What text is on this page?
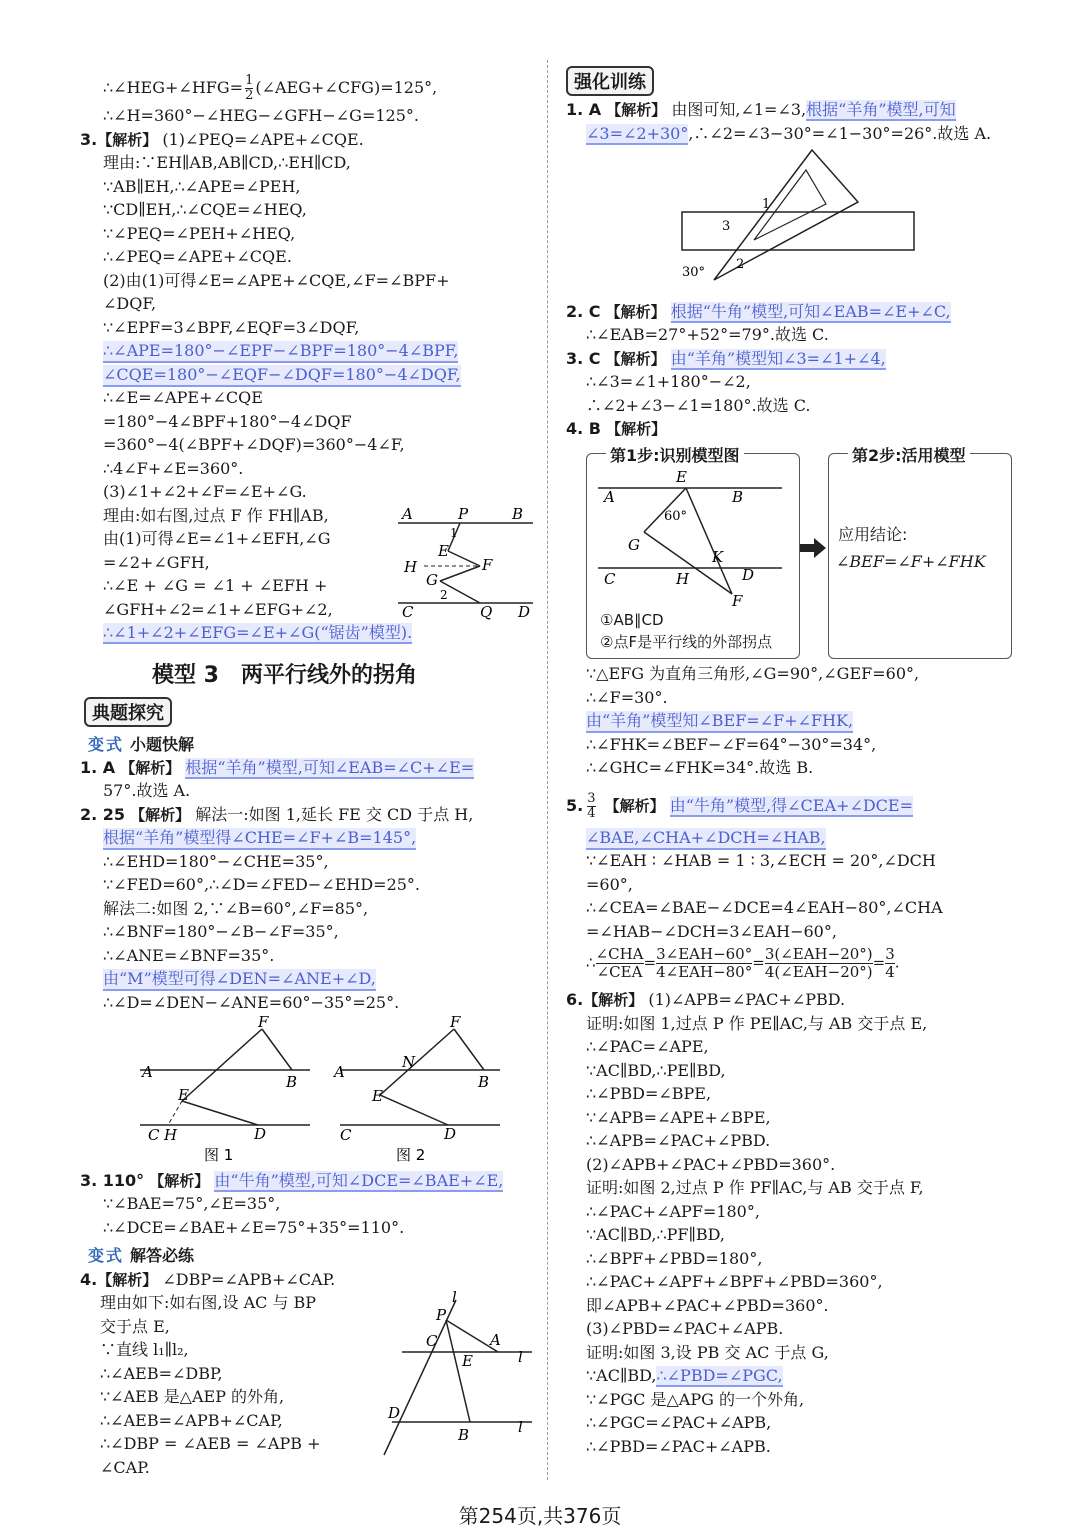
∴∠HEG+∠HFG= $\frac{1}{2}$ (∠AEG+∠CFG)=125°,
∴∠H=360°−∠HEG−∠GFH−∠G=125°.
3.【解析】 (1)∠PEQ=∠APE+∠CQE.
理由:∵EH∥AB,AB∥CD,∴EH∥CD,
∵AB∥EH,∴∠APE=∠PEH,
∵CD∥EH,∴∠CQE=∠HEQ,
∵∠PEQ=∠PEH+∠HEQ,
∴∠PEQ=∠APE+∠CQE.
(2)由(1)可得∠E=∠APE+∠CQE,∠F=∠BPF+
∠DQF,
∵∠EPF=3∠BPF,∠EQF=3∠DQF,
∴∠APE=180°−∠EPF−∠BPF=180°−4∠BPF,
∠CQE=180°−∠EQF−∠DQF=180°−4∠DQF,
∴∠E=∠APE+∠CQE
=180°−4∠BPF+180°−4∠DQF
=360°−4(∠BPF+∠DQF)=360°−4∠F,
∴4∠F+∠E=360°.
(3)∠1+∠2+∠F=∠E+∠G.
理由:如右图,过点 F 作 FH∥AB,
由(1)可得∠E=∠1+∠EFH,∠G
=∠2+∠GFH,
∴∠E + ∠G = ∠1 + ∠EFH +
∠GFH+∠2=∠1+∠EFG+∠2,
∴∠1+∠2+∠EFG=∠E+∠G(“锯齿”模型).
A	P	B
1
E
F
H
G
2
C	Q D
模型 3　两平行线外的拐角
典题探究
变式 小题快解
1. A 【解析】 根据“羊角”模型,可知∠EAB=∠C+∠E=
57°.故选 A.
2. 25 【解析】 解法一:如图 1,延长 FE 交 CD 于点 H,
根据“羊角”模型得∠CHE=∠F+∠B=145°,
∴∠EHD=180°−∠CHE=35°,
∵∠FED=60°,∴∠D=∠FED−∠EHD=25°.
解法二:如图 2,∵∠B=60°,∠F=85°,
∴∠BNF=180°−∠B−∠F=35°,
∴∠ANE=∠BNF=35°.
由“M”模型可得∠DEN=∠ANE+∠D,
∴∠D=∠DEN−∠ANE=60°−35°=25°.
F
A
B
E
C H	D
图 1
F
A
N
B
E
C	D
图 2
3. 110° 【解析】 由“牛角”模型,可知∠DCE=∠BAE+∠E,
∵∠BAE=75°,∠E=35°,
∴∠DCE=∠BAE+∠E=75°+35°=110°.
变式 解答必练
4.【解析】 ∠DBP=∠APB+∠CAP.
理由如下:如右图,设 AC 与 BP
交于点 E,
∵直线 l₁∥l₂,
∴∠AEB=∠DBP,
∵∠AEB 是△AEP 的外角,
∴∠AEB=∠APB+∠CAP,
∴∠DBP = ∠AEB = ∠APB +
∠CAP.
l
P
C	A
E	l
D
B	l
强化训练
1. A 【解析】 由图可知,∠1=∠3,根据“羊角”模型,可知
∠3=∠2+30°,∴∠2=∠3−30°=∠1−30°=26°.故选 A.
1
3
2
30°
2. C 【解析】 根据“牛角”模型,可知∠EAB=∠E+∠C,
∴∠EAB=27°+52°=79°.故选 C.
3. C 【解析】 由“羊角”模型知∠3=∠1+∠4,
∴∠3=∠1+180°−∠2,
∴∠2+∠3−∠1=180°.故选 C.
4. B 【解析】
第1步:识别模型图
E
A	B
60°
G
K
C	H	D
F
①AB∥CD
②点F是平行线的外部拐点
第2步:活用模型
应用结论:
∠BEF=∠F+∠FHK
∵△EFG 为直角三角形,∠G=90°,∠GEF=60°,
∴∠F=30°.
由“羊角”模型知∠BEF=∠F+∠FHK,
∴∠FHK=∠BEF−∠F=64°−30°=34°,
∴∠GHC=∠FHK=34°.故选 B.
5. $\frac{3}{4}$ 【解析】 由“牛角”模型,得∠CEA+∠DCE=
∠BAE,∠CHA+∠DCH=∠HAB,
∵∠EAH ∶ ∠HAB = 1 ∶ 3,∠ECH = 20°,∠DCH
=60°,
∴∠CEA=∠BAE−∠DCE=4∠EAH−80°,∠CHA
=∠HAB−∠DCH=3∠EAH−60°,
∴ ∠CHA
∠CEA
= 3∠EAH−60°
4∠EAH−80°
= 3(∠EAH−20°)
4(∠EAH−20°)
= $\frac{3}{4}$ .
6.【解析】 (1)∠APB=∠PAC+∠PBD.
证明:如图 1,过点 P 作 PE∥AC,与 AB 交于点 E,
∴∠PAC=∠APE,
∵AC∥BD,∴PE∥BD,
∴∠PBD=∠BPE,
∵∠APB=∠APE+∠BPE,
∴∠APB=∠PAC+∠PBD.
(2)∠APB+∠PAC+∠PBD=360°.
证明:如图 2,过点 P 作 PF∥AC,与 AB 交于点 F,
∴∠PAC+∠APF=180°,
∵AC∥BD,∴PF∥BD,
∴∠BPF+∠PBD=180°,
∴∠PAC+∠APF+∠BPF+∠PBD=360°,
即∠APB+∠PAC+∠PBD=360°.
(3)∠PBD=∠PAC+∠APB.
证明:如图 3,设 PB 交 AC 于点 G,
∵AC∥BD,∴∠PBD=∠PGC,
∵∠PGC 是△APG 的一个外角,
∴∠PGC=∠PAC+∠APB,
∴∠PBD=∠PAC+∠APB.
第254页,共376页
